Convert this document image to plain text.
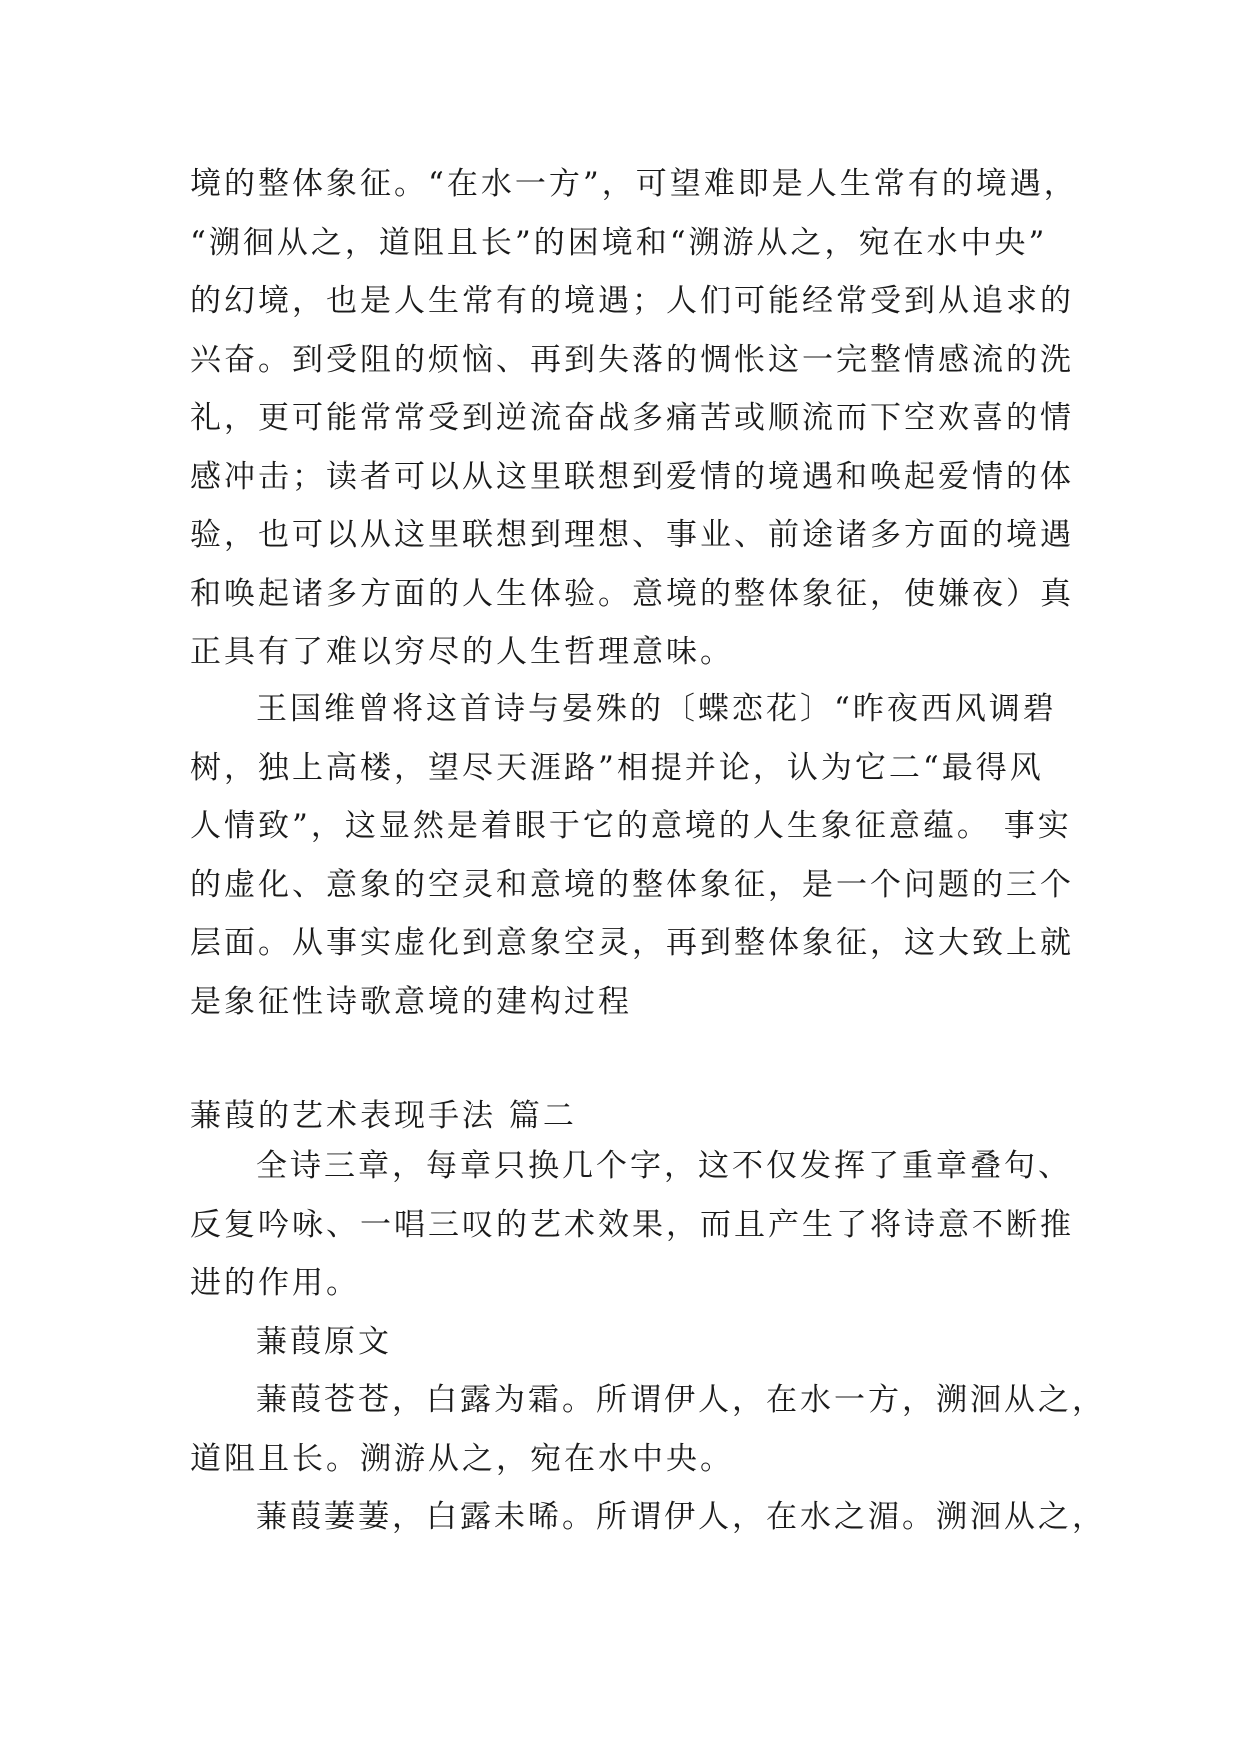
境的整体象征。“在水一方”，可望难即是人生常有的境遇，
“溯徊从之，道阻且长”的困境和“溯游从之，宛在水中央”
的幻境，也是人生常有的境遇；人们可能经常受到从追求的
兴奋。到受阻的烦恼、再到失落的惆怅这一完整情感流的洗
礼，更可能常常受到逆流奋战多痛苦或顺流而下空欢喜的情
感冲击；读者可以从这里联想到爱情的境遇和唤起爱情的体
验，也可以从这里联想到理想、事业、前途诸多方面的境遇
和唤起诸多方面的人生体验。意境的整体象征，使嫌夜）真
正具有了难以穷尽的人生哲理意味。
王国维曾将这首诗与晏殊的〔蝶恋花〕“昨夜西风调碧
树，独上高楼，望尽天涯路”相提并论，认为它二“最得风
人情致”，这显然是着眼于它的意境的人生象征意蕴。 事实
的虚化、意象的空灵和意境的整体象征，是一个问题的三个
层面。从事实虚化到意象空灵，再到整体象征，这大致上就
是象征性诗歌意境的建构过程
蒹葭的艺术表现手法 篇二
全诗三章，每章只换几个字，这不仅发挥了重章叠句、
反复吟咏、一唱三叹的艺术效果，而且产生了将诗意不断推
进的作用。
蒹葭原文
蒹葭苍苍，白露为霜。所谓伊人，在水一方，溯洄从之，
道阻且长。溯游从之，宛在水中央。
蒹葭萋萋，白露未晞。所谓伊人，在水之湄。溯洄从之，
